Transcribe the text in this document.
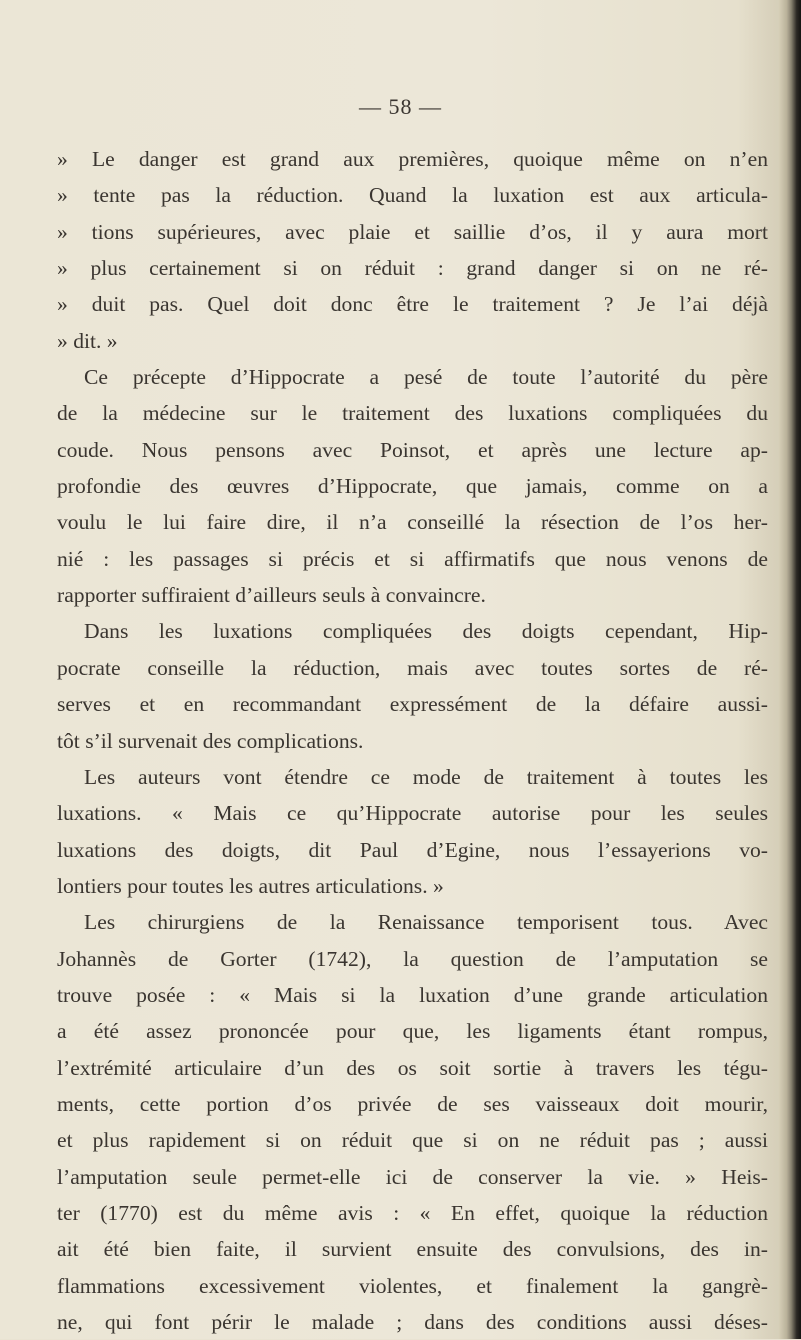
— 58 —
» Le danger est grand aux premières, quoique même on n’en
» tente pas la réduction. Quand la luxation est aux articula-
» tions supérieures, avec plaie et saillie d’os, il y aura mort
» plus certainement si on réduit : grand danger si on ne ré-
» duit pas. Quel doit donc être le traitement ? Je l’ai déjà
» dit. »
Ce précepte d’Hippocrate a pesé de toute l’autorité du père
de la médecine sur le traitement des luxations compliquées du
coude. Nous pensons avec Poinsot, et après une lecture ap-
profondie des œuvres d’Hippocrate, que jamais, comme on a
voulu le lui faire dire, il n’a conseillé la résection de l’os her-
nié : les passages si précis et si affirmatifs que nous venons de
rapporter suffiraient d’ailleurs seuls à convaincre.
Dans les luxations compliquées des doigts cependant, Hip-
pocrate conseille la réduction, mais avec toutes sortes de ré-
serves et en recommandant expressément de la défaire aussi-
tôt s’il survenait des complications.
Les auteurs vont étendre ce mode de traitement à toutes les
luxations. « Mais ce qu’Hippocrate autorise pour les seules
luxations des doigts, dit Paul d’Egine, nous l’essayerions vo-
lontiers pour toutes les autres articulations. »
Les chirurgiens de la Renaissance temporisent tous. Avec
Johannès de Gorter (1742), la question de l’amputation se
trouve posée : « Mais si la luxation d’une grande articulation
a été assez prononcée pour que, les ligaments étant rompus,
l’extrémité articulaire d’un des os soit sortie à travers les tégu-
ments, cette portion d’os privée de ses vaisseaux doit mourir,
et plus rapidement si on réduit que si on ne réduit pas ; aussi
l’amputation seule permet-elle ici de conserver la vie. » Heis-
ter (1770) est du même avis : « En effet, quoique la réduction
ait été bien faite, il survient ensuite des convulsions, des in-
flammations excessivement violentes, et finalement la gangrè-
ne, qui font périr le malade ; dans des conditions aussi déses-
